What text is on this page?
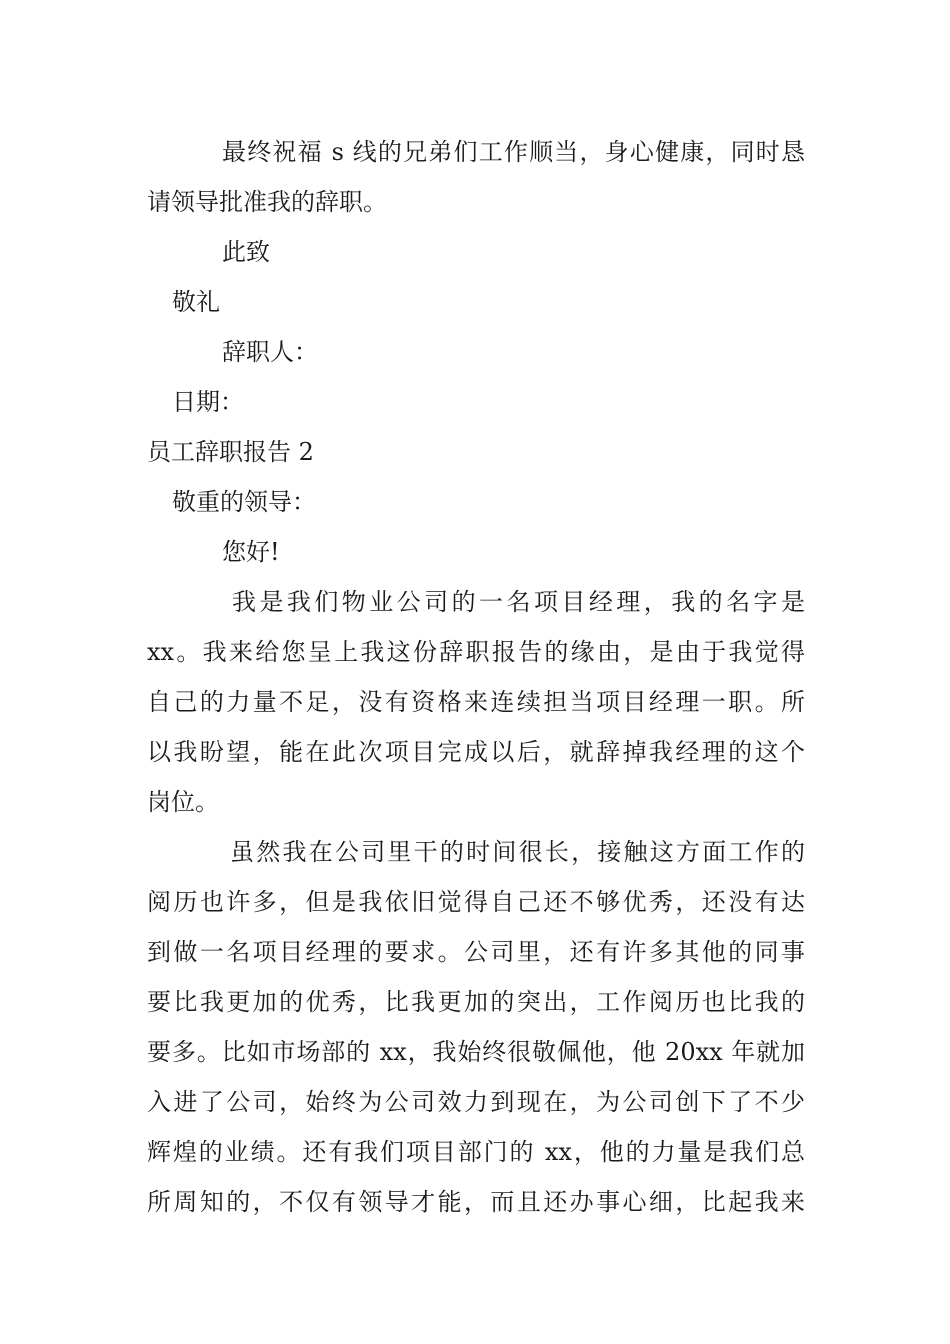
最终祝福 s 线的兄弟们工作顺当，身心健康，同时恳
请领导批准我的辞职。
此致
敬礼
辞职人：
日期：
员工辞职报告 2
敬重的领导：
您好!
我是我们物业公司的一名项目经理，我的名字是
xx。我来给您呈上我这份辞职报告的缘由，是由于我觉得
自己的力量不足，没有资格来连续担当项目经理一职。所
以我盼望，能在此次项目完成以后，就辞掉我经理的这个
岗位。
虽然我在公司里干的时间很长，接触这方面工作的
阅历也许多，但是我依旧觉得自己还不够优秀，还没有达
到做一名项目经理的要求。公司里，还有许多其他的同事
要比我更加的优秀，比我更加的突出，工作阅历也比我的
要多。比如市场部的 xx，我始终很敬佩他，他 20xx 年就加
入进了公司，始终为公司效力到现在，为公司创下了不少
辉煌的业绩。还有我们项目部门的 xx，他的力量是我们总
所周知的，不仅有领导才能，而且还办事心细，比起我来
